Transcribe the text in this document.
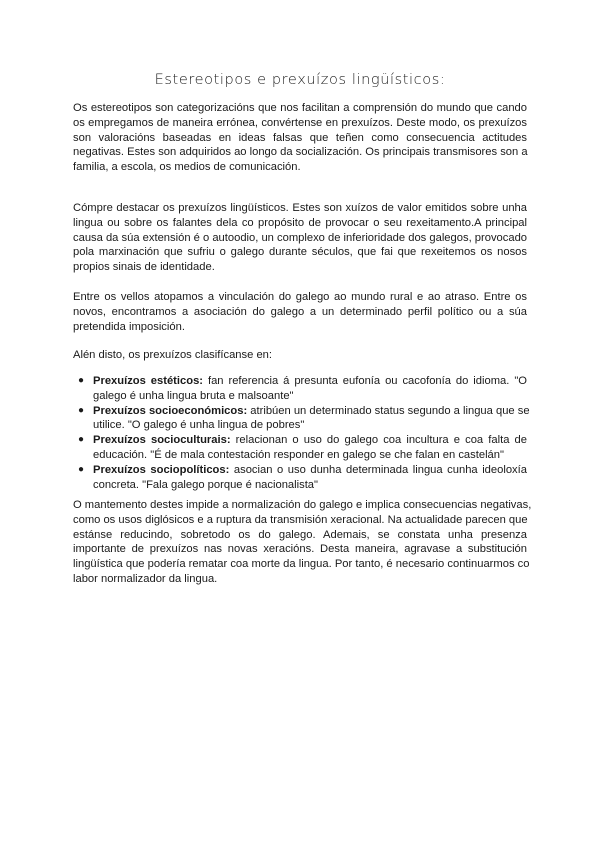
Estereotipos e prexuízos lingüísticos:
Os estereotipos son categorizacións que nos facilitan a comprensión do mundo que cando
os empregamos de maneira errónea, convértense en prexuízos. Deste modo, os prexuízos
son valoracións baseadas en ideas falsas que teñen como consecuencia actitudes
negativas. Estes son adquiridos ao longo da socialización. Os principais transmisores son a
familia, a escola, os medios de comunicación.
Cómpre destacar os prexuízos lingüísticos. Estes son xuízos de valor emitidos sobre unha
lingua ou sobre os falantes dela co propósito de provocar o seu rexeitamento.A principal
causa da súa extensión é o autoodio, un complexo de inferioridade dos galegos, provocado
pola marxinación que sufriu o galego durante séculos, que fai que rexeitemos os nosos
propios sinais de identidade.
Entre os vellos atopamos a vinculación do galego ao mundo rural e ao atraso. Entre os
novos, encontramos a asociación do galego a un determinado perfil político ou a súa
pretendida imposición.
Alén disto, os prexuízos clasifícanse en:
● Prexuízos estéticos: fan referencia á presunta eufonía ou cacofonía do idioma. "O
galego é unha lingua bruta e malsoante"
● Prexuízos socioeconómicos: atribúen un determinado status segundo a lingua que se
utilice. "O galego é unha lingua de pobres"
● Prexuízos socioculturais: relacionan o uso do galego coa incultura e coa falta de
educación. "É de mala contestación responder en galego se che falan en castelán"
● Prexuízos sociopolíticos: asocian o uso dunha determinada lingua cunha ideoloxía
concreta. "Fala galego porque é nacionalista"
O mantemento destes impide a normalización do galego e implica consecuencias negativas,
como os usos diglósicos e a ruptura da transmisión xeracional. Na actualidade parecen que
estánse reducindo, sobretodo os do galego. Ademais, se constata unha presenza
importante de prexuízos nas novas xeracións. Desta maneira, agravase a substitución
lingüística que podería rematar coa morte da lingua. Por tanto, é necesario continuarmos co
labor normalizador da lingua.
